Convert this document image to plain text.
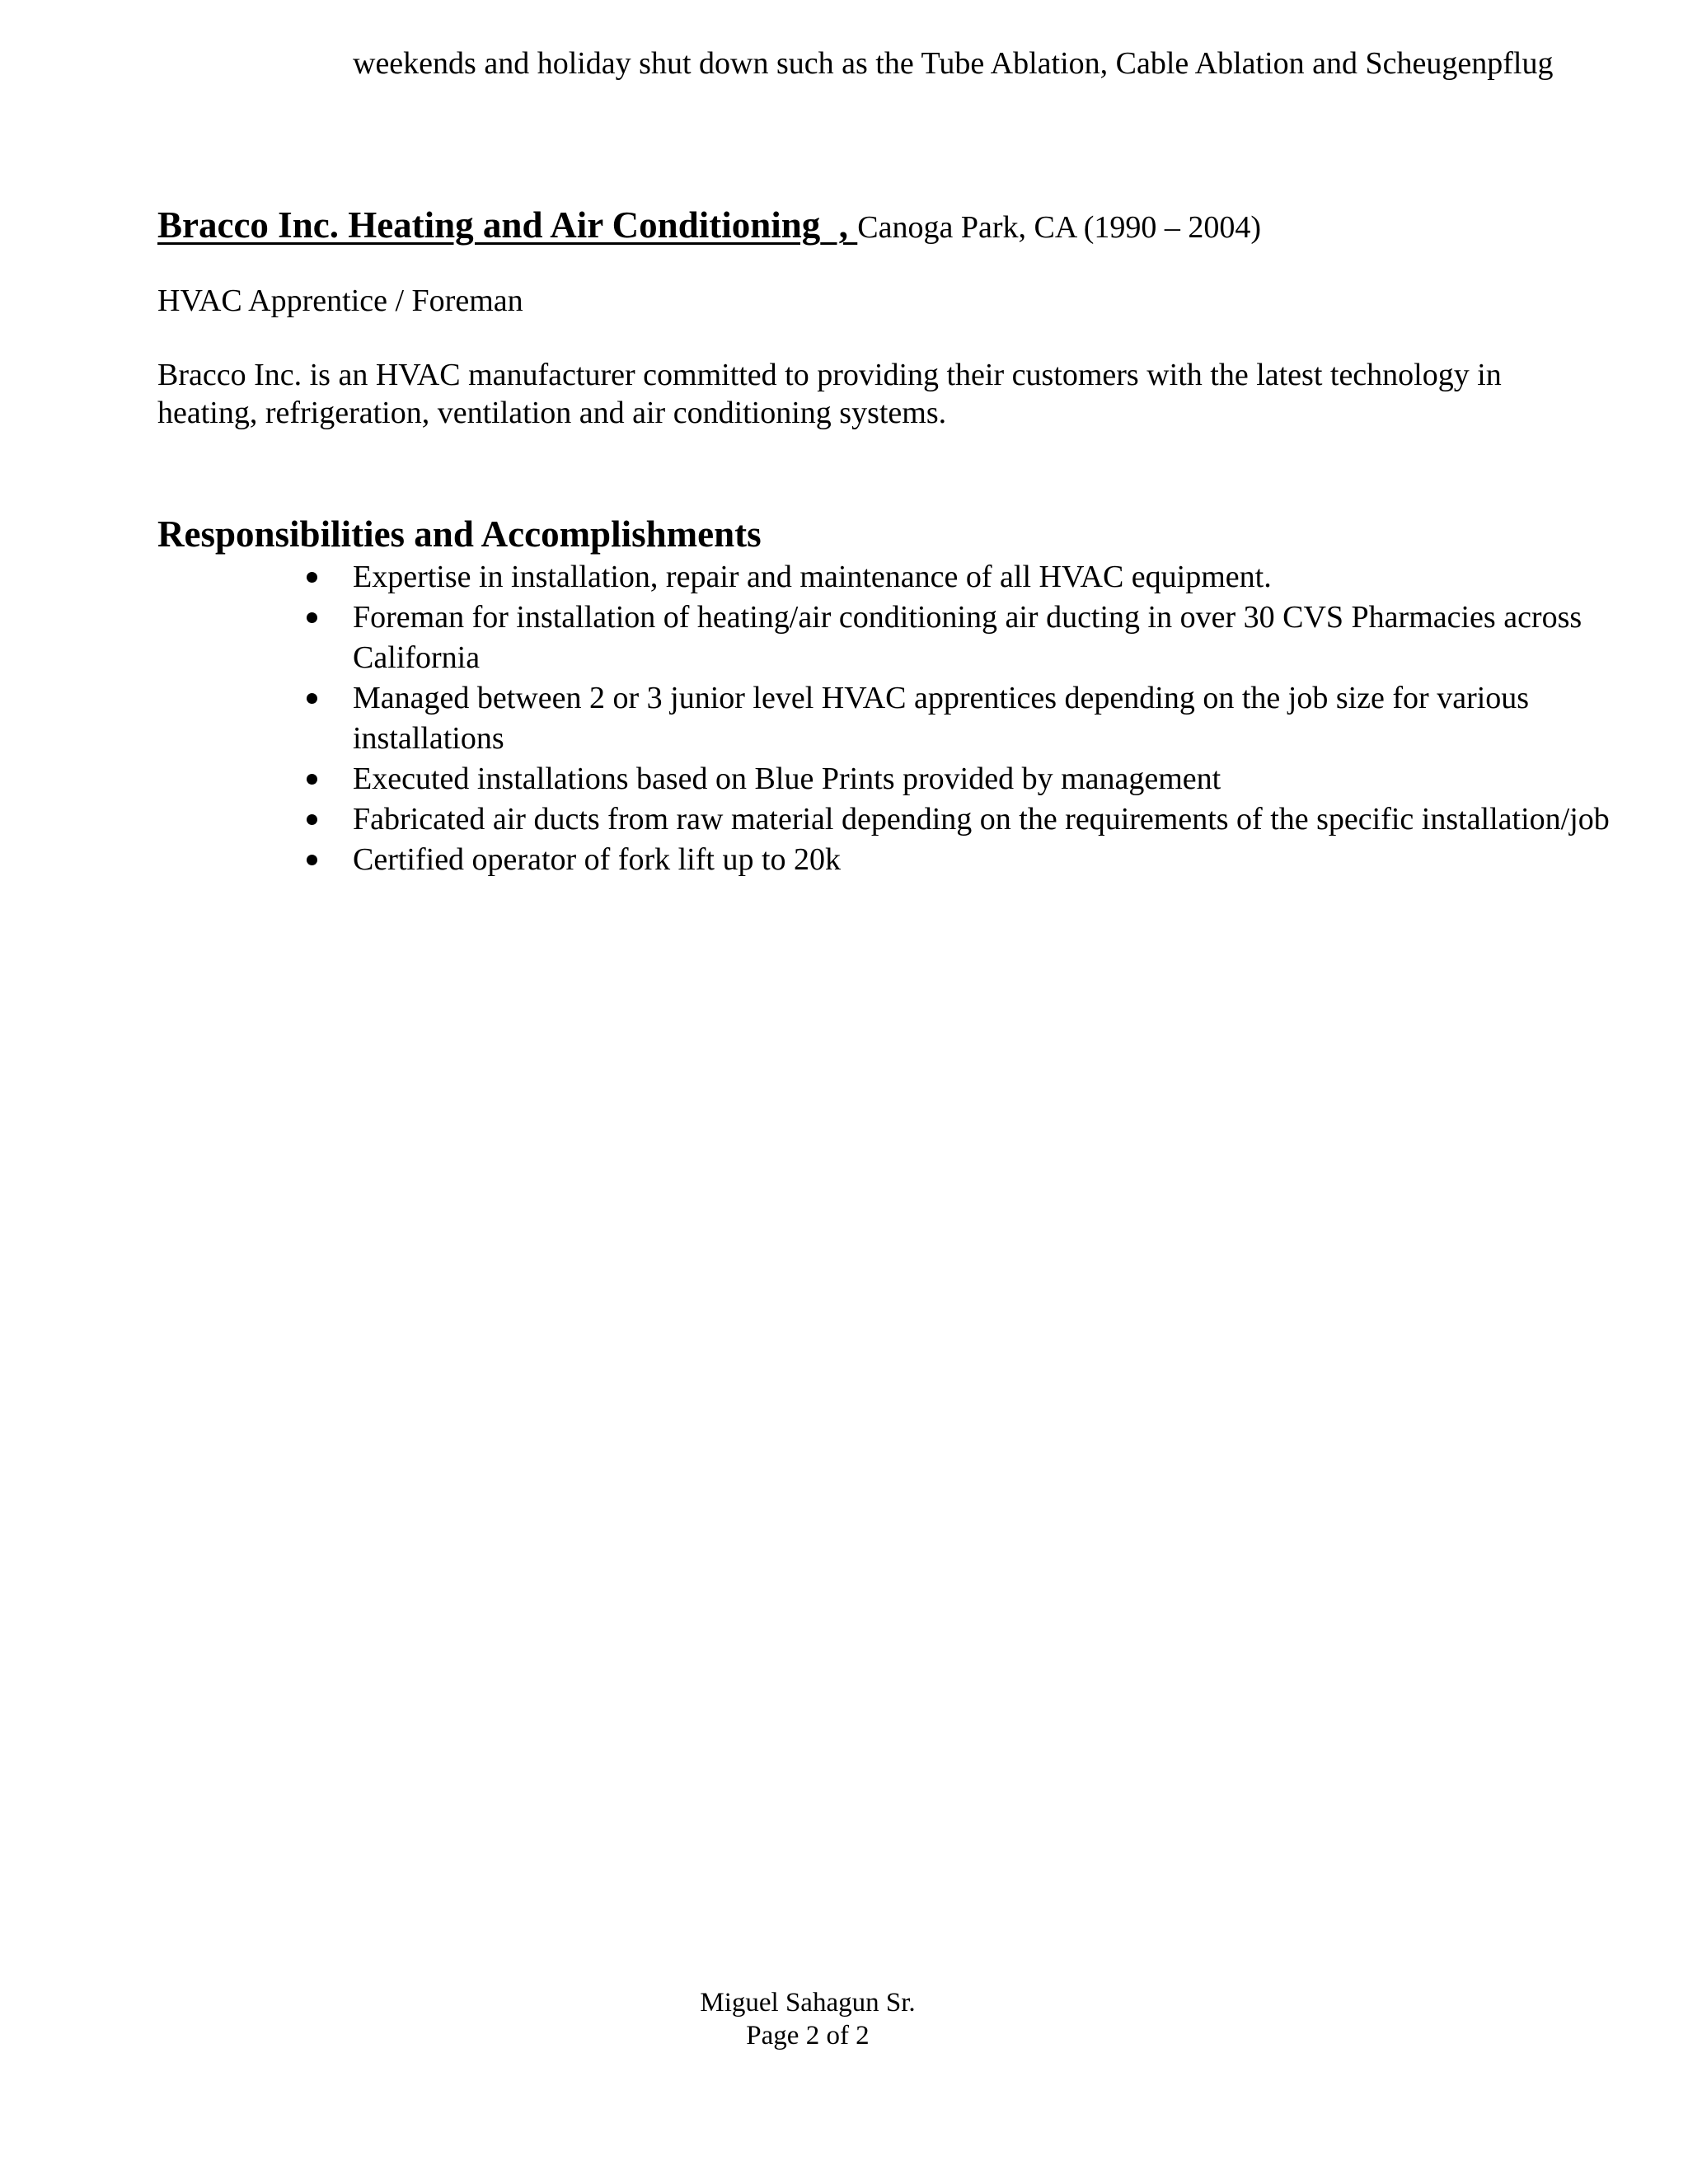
weekends and holiday shut down such as the Tube Ablation, Cable Ablation and Scheugenpflug
Bracco Inc. Heating and Air Conditioning  , Canoga Park, CA (1990 – 2004)
HVAC Apprentice / Foreman
Bracco Inc. is an HVAC manufacturer committed to providing their customers with the latest technology in heating, refrigeration, ventilation and air conditioning systems.
Responsibilities and Accomplishments
Expertise in installation, repair and maintenance of all HVAC equipment.
Foreman for installation of heating/air conditioning air ducting in over 30 CVS Pharmacies across California
Managed between 2 or 3 junior level HVAC apprentices depending on the job size for various installations
Executed installations based on Blue Prints provided by management
Fabricated air ducts from raw material depending on the requirements of the specific installation/job
Certified operator of fork lift up to 20k
Miguel Sahagun Sr.
Page 2 of 2
